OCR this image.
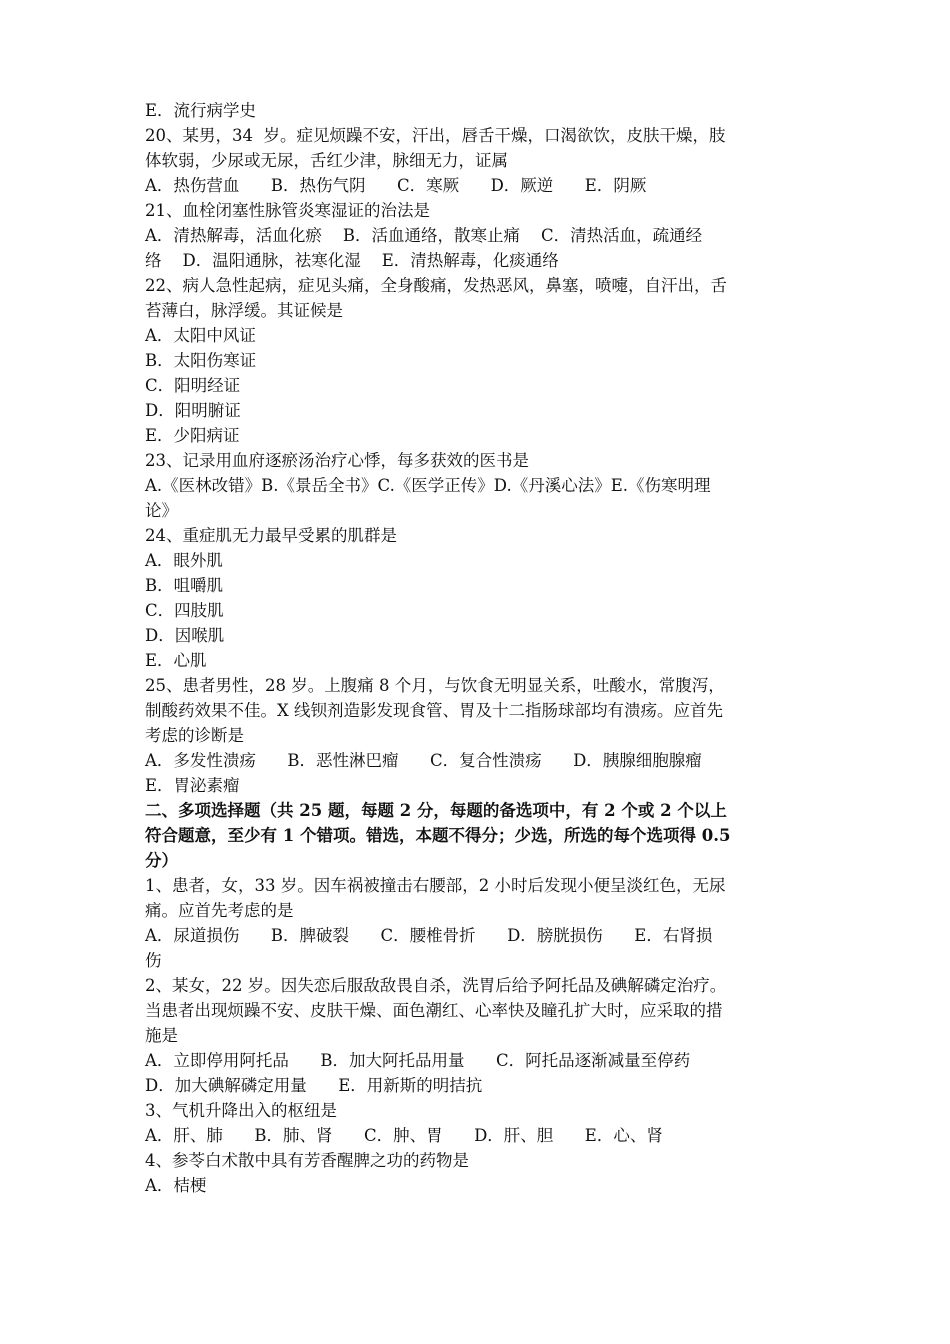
E．流行病学史
20、某男，34  岁。症见烦躁不安，汗出，唇舌干燥，口渴欲饮，皮肤干燥，肢
体软弱，少尿或无尿，舌红少津，脉细无力，证属
A．热伤营血      B．热伤气阴      C．寒厥      D．厥逆      E．阴厥
21、血栓闭塞性脉管炎寒湿证的治法是
A．清热解毒，活血化瘀    B．活血通络，散寒止痛    C．清热活血，疏通经
络    D．温阳通脉，祛寒化湿    E．清热解毒，化痰通络
22、病人急性起病，症见头痛，全身酸痛，发热恶风，鼻塞，喷嚏，自汗出，舌
苔薄白，脉浮缓。其证候是
A．太阳中风证
B．太阳伤寒证
C．阳明经证
D．阳明腑证
E．少阳病证
23、记录用血府逐瘀汤治疗心悸，每多获效的医书是
A.《医林改错》B.《景岳全书》C.《医学正传》D.《丹溪心法》E.《伤寒明理
论》
24、重症肌无力最早受累的肌群是
A．眼外肌
B．咀嚼肌
C．四肢肌
D．因喉肌
E．心肌
25、患者男性，28 岁。上腹痛 8 个月，与饮食无明显关系，吐酸水，常腹泻，
制酸药效果不佳。X 线钡剂造影发现食管、胃及十二指肠球部均有溃疡。应首先
考虑的诊断是
A．多发性溃疡      B．恶性淋巴瘤      C．复合性溃疡      D．胰腺细胞腺瘤
E．胃泌素瘤
二、多项选择题（共 25 题，每题 2 分，每题的备选项中，有 2 个或 2 个以上
符合题意，至少有 1 个错项。错选，本题不得分；少选，所选的每个选项得 0.5
分）
1、患者，女，33 岁。因车祸被撞击右腰部，2 小时后发现小便呈淡红色，无尿
痛。应首先考虑的是
A．尿道损伤      B．脾破裂      C．腰椎骨折      D．膀胱损伤      E．右肾损
伤
2、某女，22 岁。因失恋后服敌敌畏自杀，洗胃后给予阿托品及碘解磷定治疗。
当患者出现烦躁不安、皮肤干燥、面色潮红、心率快及瞳孔扩大时，应采取的措
施是
A．立即停用阿托品      B．加大阿托品用量      C．阿托品逐渐减量至停药
D．加大碘解磷定用量      E．用新斯的明拮抗
3、气机升降出入的枢纽是
A．肝、肺      B．肺、肾      C．肿、胃      D．肝、胆      E．心、肾
4、参苓白术散中具有芳香醒脾之功的药物是
A．桔梗
